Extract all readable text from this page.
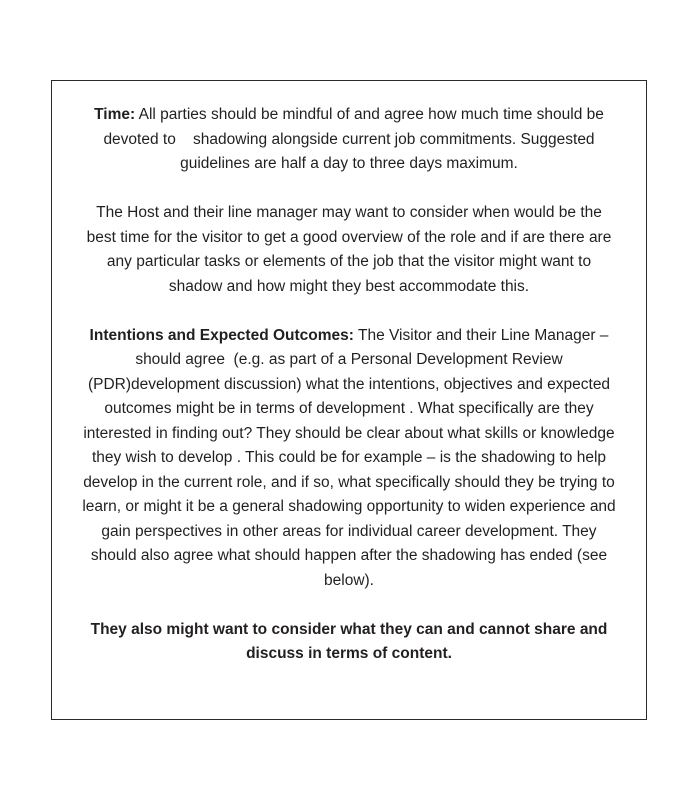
Time: All parties should be mindful of and agree how much time should be devoted to    shadowing alongside current job commitments. Suggested guidelines are half a day to three days maximum.

The Host and their line manager may want to consider when would be the best time for the visitor to get a good overview of the role and if are there are any particular tasks or elements of the job that the visitor might want to shadow and how might they best accommodate this.

Intentions and Expected Outcomes: The Visitor and their Line Manager – should agree  (e.g. as part of a Personal Development Review (PDR)development discussion) what the intentions, objectives and expected outcomes might be in terms of development . What specifically are they interested in finding out? They should be clear about what skills or knowledge they wish to develop . This could be for example – is the shadowing to help develop in the current role, and if so, what specifically should they be trying to learn, or might it be a general shadowing opportunity to widen experience and gain perspectives in other areas for individual career development. They should also agree what should happen after the shadowing has ended (see below).

They also might want to consider what they can and cannot share and discuss in terms of content.
